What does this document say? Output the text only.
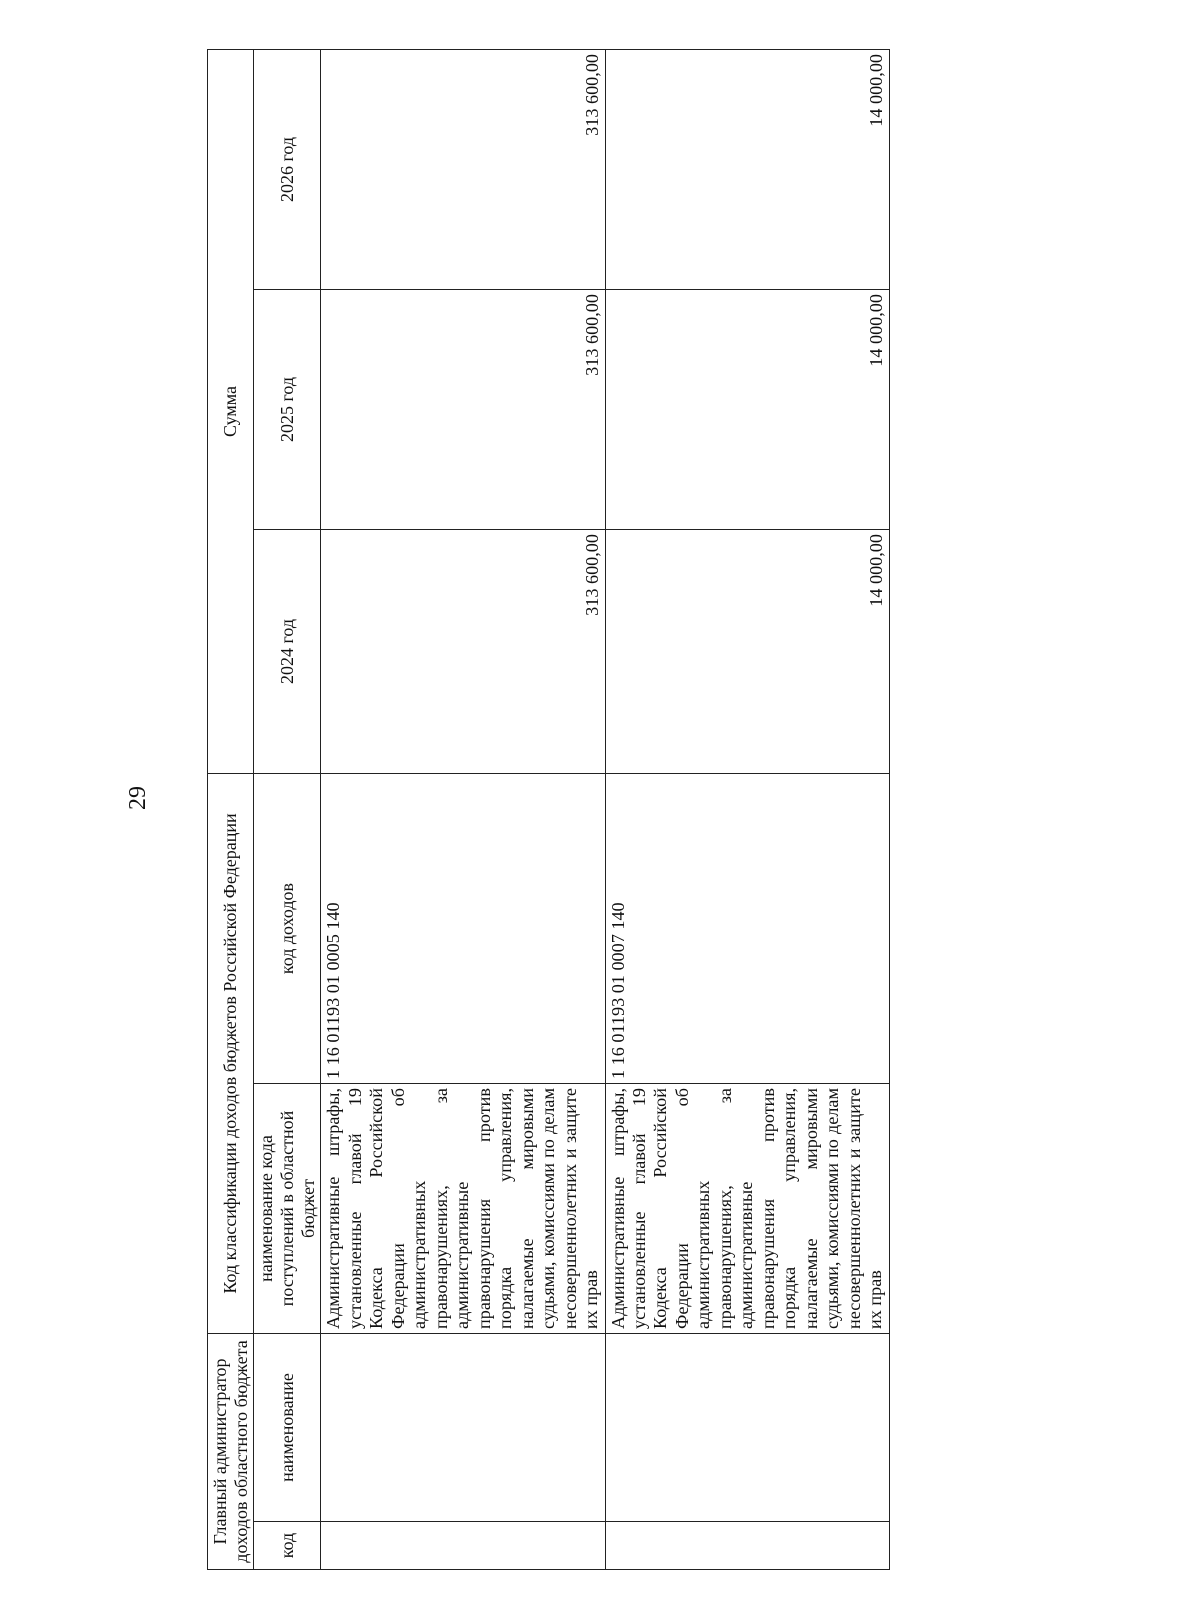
29
Главный администратор доходов областного бюджета		Код классификации доходов бюджетов Российской Федерации		Сумма		
код	наименование	наименование кода поступлений в областной бюджет	код доходов	2024 год	2025 год	2026 год
		Административные штрафы, установленные главой 19 Кодекса Российской Федерации об административных правонарушениях, за административные правонарушения против порядка управления, налагаемые мировыми судьями, комиссиями по делам несовершеннолетних и защите их прав	1 16 01193 01 0005 140	313 600,00	313 600,00	313 600,00
		Административные штрафы, установленные главой 19 Кодекса Российской Федерации об административных правонарушениях, за административные правонарушения против порядка управления, налагаемые мировыми судьями, комиссиями по делам несовершеннолетних и защите их прав	1 16 01193 01 0007 140	14 000,00	14 000,00	14 000,00
